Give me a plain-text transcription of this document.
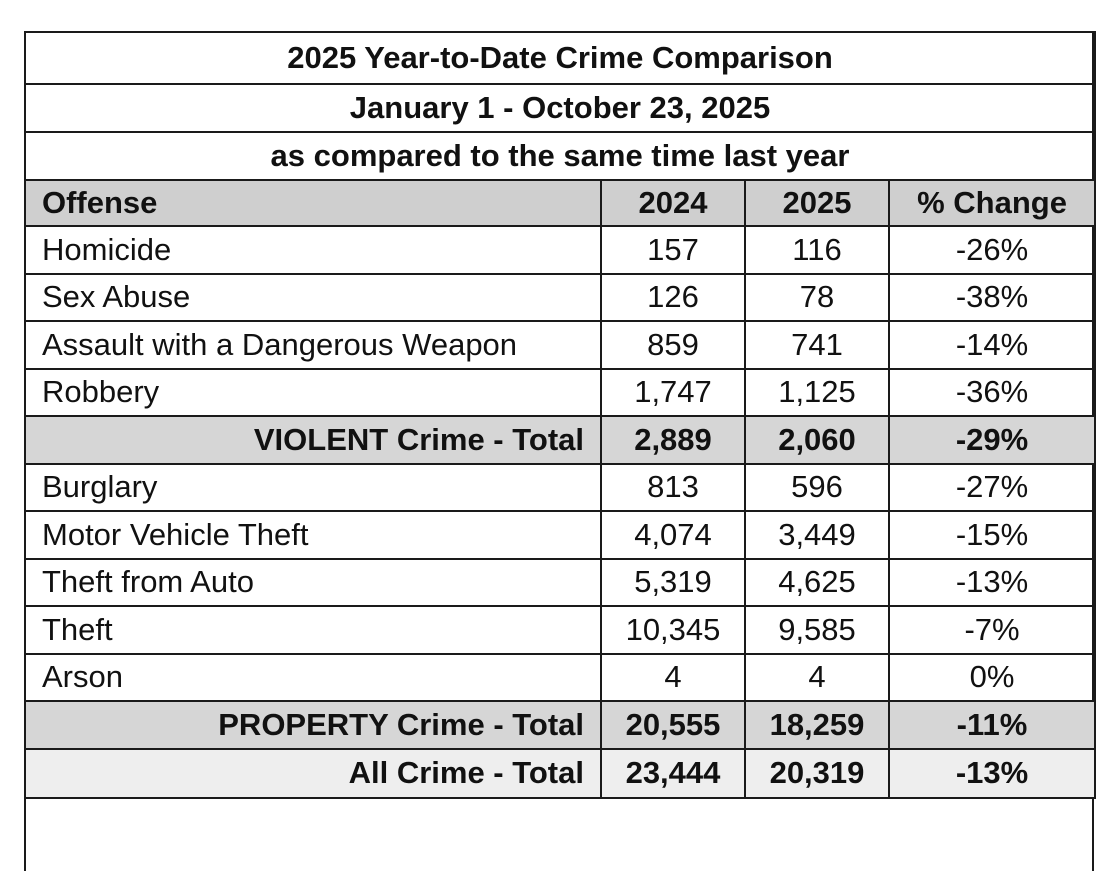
2025 Year-to-Date Crime Comparison			
January 1 - October 23, 2025			
as compared to the same time last year			
Offense	2024	2025	% Change
Homicide	157	116	-26%
Sex Abuse	126	78	-38%
Assault with a Dangerous Weapon	859	741	-14%
Robbery	1,747	1,125	-36%
VIOLENT Crime - Total	2,889	2,060	-29%
Burglary	813	596	-27%
Motor Vehicle Theft	4,074	3,449	-15%
Theft from Auto	5,319	4,625	-13%
Theft	10,345	9,585	-7%
Arson	4	4	0%
PROPERTY Crime - Total	20,555	18,259	-11%
All Crime - Total	23,444	20,319	-13%
